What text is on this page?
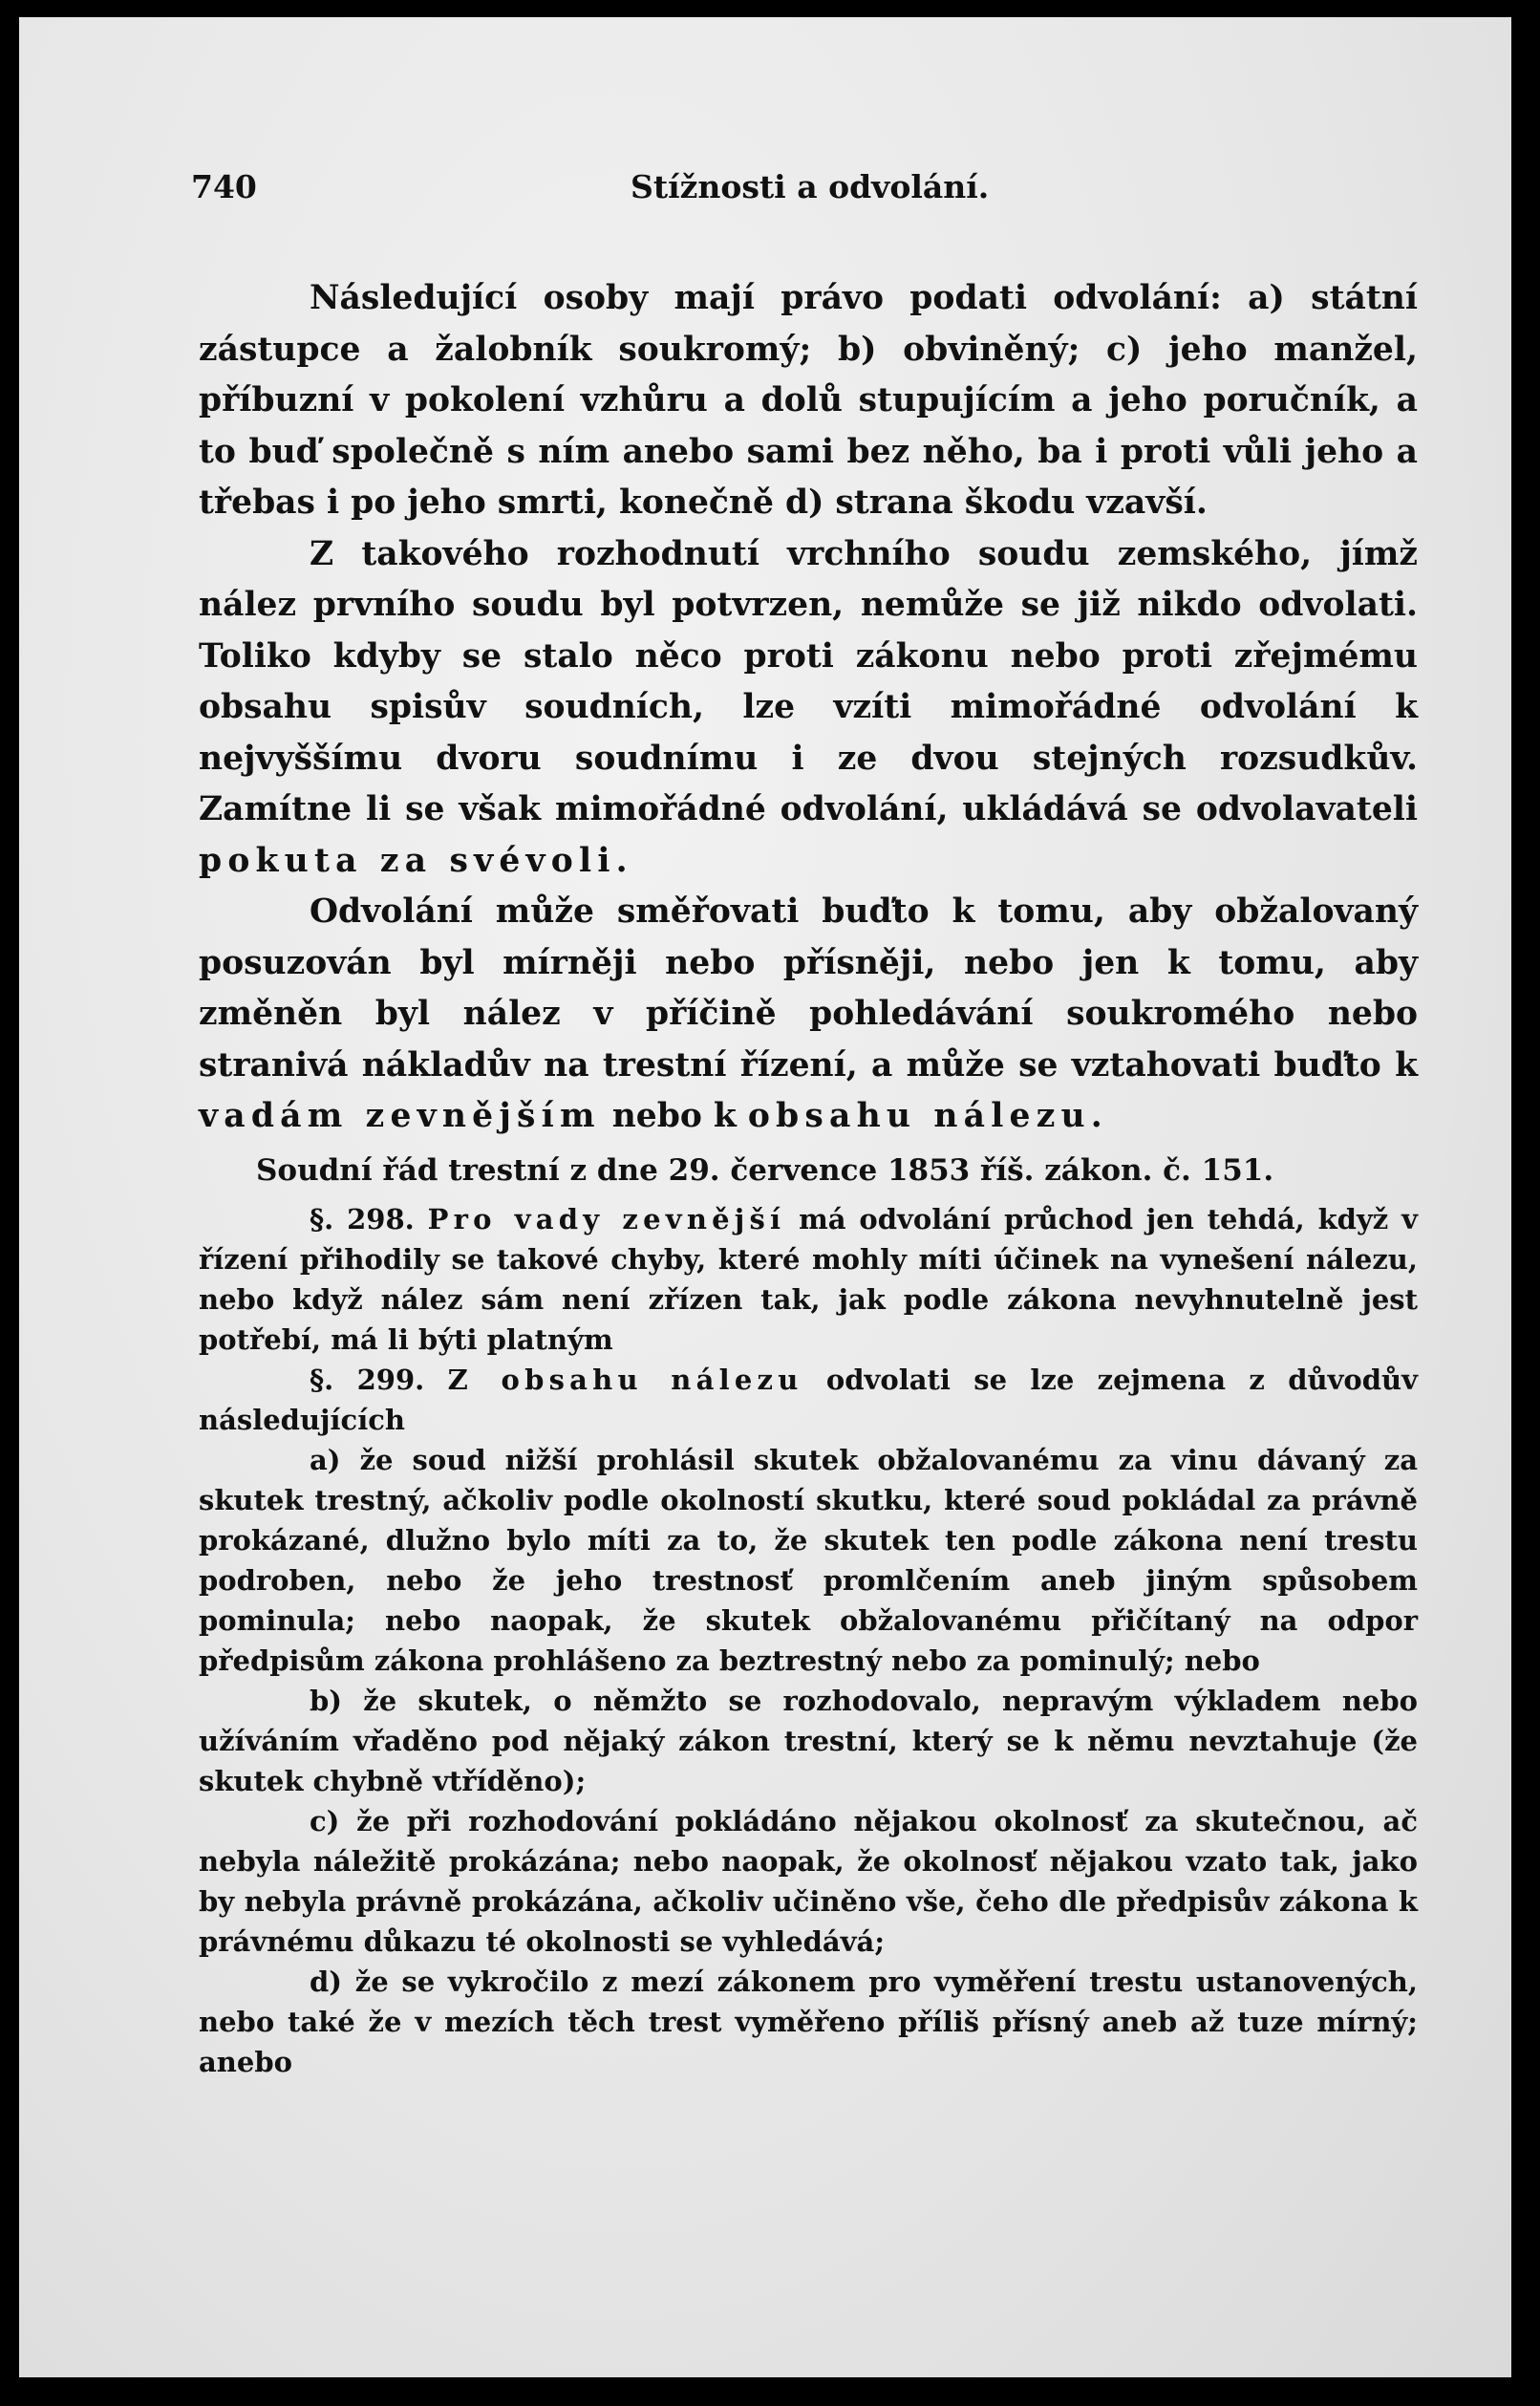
740	Stížnosti a odvolání.

Následující osoby mají právo podati odvolání: a) státní zástupce a žalobník soukromý; b) obviněný; c) jeho manžel, příbuzní v pokolení vzhůru a dolů stupujícím a jeho poručník, a to buď společně s ním anebo sami bez něho, ba i proti vůli jeho a třebas i po jeho smrti, konečně d) strana škodu vzavší.

Z takového rozhodnutí vrchního soudu zemského, jímž nález prvního soudu byl potvrzen, nemůže se již nikdo odvolati. Toliko kdyby se stalo něco proti zákonu nebo proti zřejmému obsahu spisův soudních, lze vzíti mimořádné odvolání k nejvyššímu dvoru soudnímu i ze dvou stejných rozsudkův. Zamítne li se však mimořádné odvolání, ukládává se odvolavateli pokuta za svévoli.

Odvolání může směřovati buďto k tomu, aby obžalovaný posuzován byl mírněji nebo přísněji, nebo jen k tomu, aby změněn byl nález v příčině pohledávání soukromého nebo stranivá nákladův na trestní řízení, a může se vztahovati buďto k vadám zevnějším nebo k obsahu nálezu.

Soudní řád trestní z dne 29. července 1853 říš. zákon. č. 151.

§. 298. Pro vady zevnější má odvolání průchod jen tehdá, když v řízení přihodily se takové chyby, které mohly míti účinek na vynešení nálezu, nebo když nález sám není zřízen tak, jak podle zákona nevyhnutelně jest potřebí, má li býti platným

§. 299. Z obsahu nálezu odvolati se lze zejmena z důvodův následujících

a) že soud nižší prohlásil skutek obžalovanému za vinu dávaný za skutek trestný, ačkoliv podle okolností skutku, které soud pokládal za právně prokázané, dlužno bylo míti za to, že skutek ten podle zákona není trestu podroben, nebo že jeho trestnosť promlčením aneb jiným spůsobem pominula; nebo naopak, že skutek obžalovanému přičítaný na odpor předpisům zákona prohlášeno za beztrestný nebo za pominulý; nebo

b) že skutek, o němžto se rozhodovalo, nepravým výkladem nebo užíváním vřaděno pod nějaký zákon trestní, který se k němu nevztahuje (že skutek chybně vtříděno);

c) že při rozhodování pokládáno nějakou okolnosť za skutečnou, ač nebyla náležitě prokázána; nebo naopak, že okolnosť nějakou vzato tak, jako by nebyla právně prokázána, ačkoliv učiněno vše, čeho dle předpisův zákona k právnému důkazu té okolnosti se vyhledává;

d) že se vykročilo z mezí zákonem pro vyměření trestu ustanovených, nebo také že v mezích těch trest vyměřeno příliš přísný aneb až tuze mírný; anebo
